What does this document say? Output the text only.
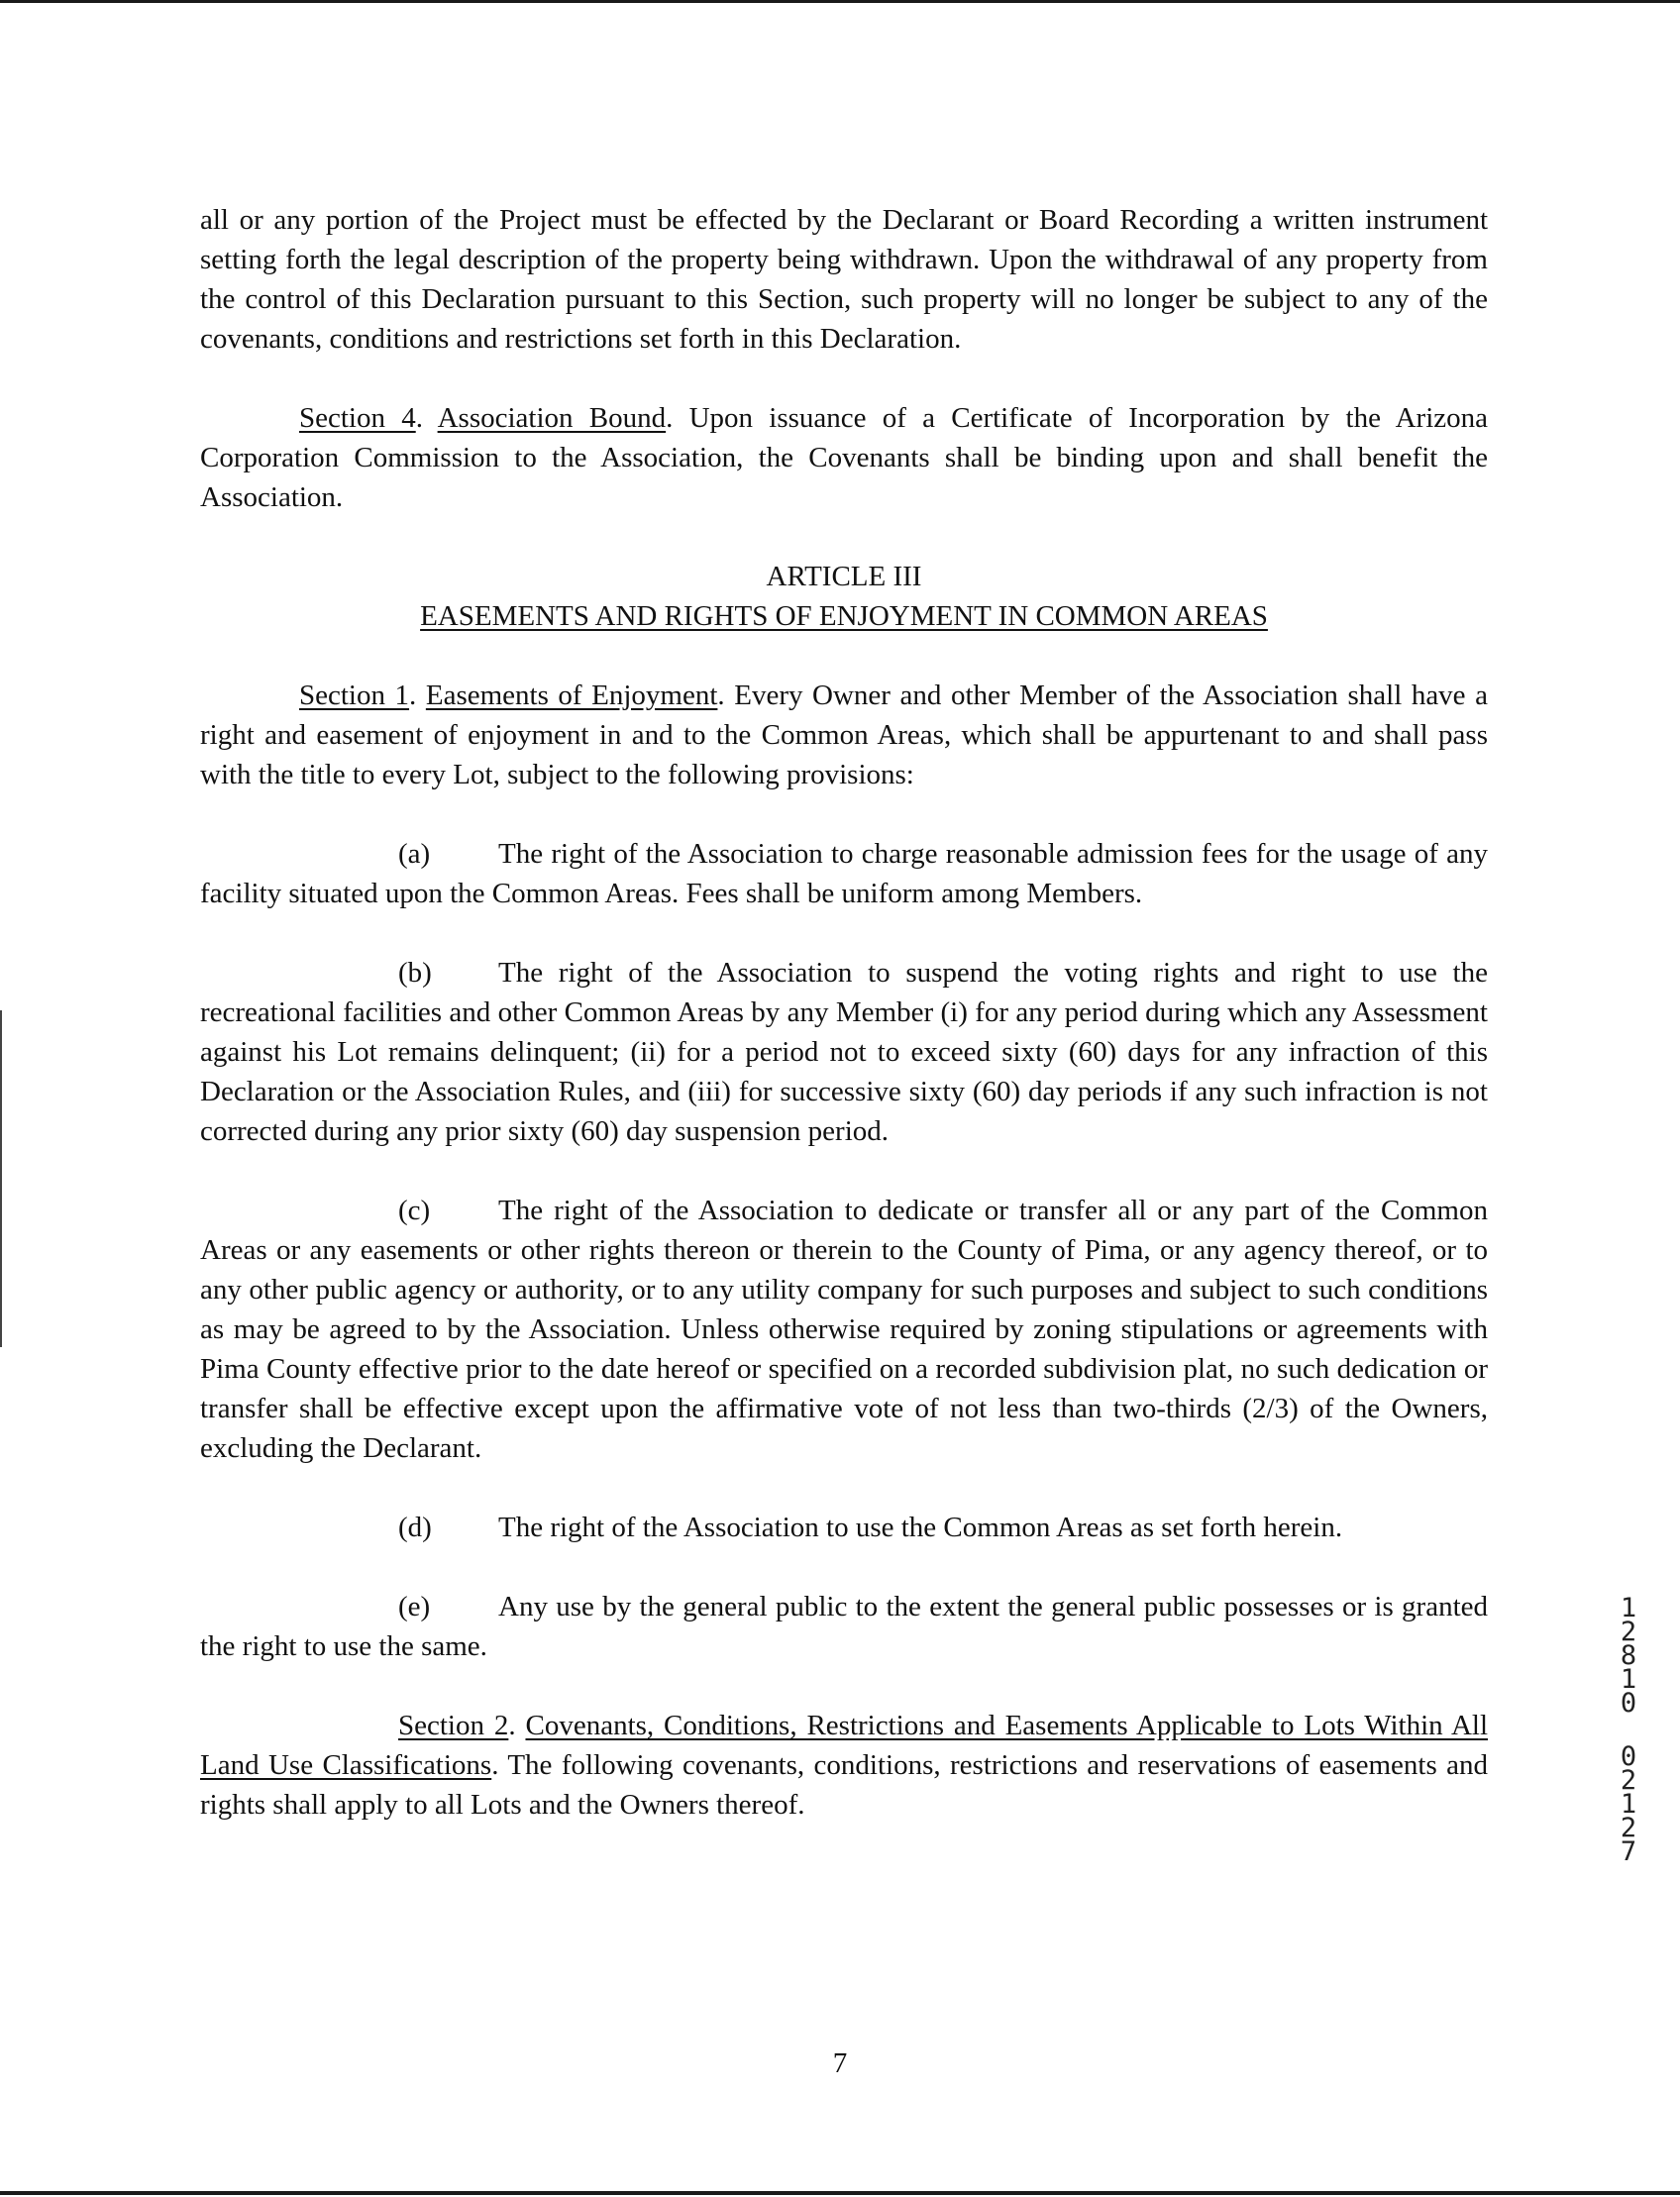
all or any portion of the Project must be effected by the Declarant or Board Recording a written instrument setting forth the legal description of the property being withdrawn. Upon the withdrawal of any property from the control of this Declaration pursuant to this Section, such property will no longer be subject to any of the covenants, conditions and restrictions set forth in this Declaration.

Section 4. Association Bound. Upon issuance of a Certificate of Incorporation by the Arizona Corporation Commission to the Association, the Covenants shall be binding upon and shall benefit the Association.

ARTICLE III

EASEMENTS AND RIGHTS OF ENJOYMENT IN COMMON AREAS

Section 1. Easements of Enjoyment. Every Owner and other Member of the Association shall have a right and easement of enjoyment in and to the Common Areas, which shall be appurtenant to and shall pass with the title to every Lot, subject to the following provisions:

(a) The right of the Association to charge reasonable admission fees for the usage of any facility situated upon the Common Areas. Fees shall be uniform among Members.

(b) The right of the Association to suspend the voting rights and right to use the recreational facilities and other Common Areas by any Member (i) for any period during which any Assessment against his Lot remains delinquent; (ii) for a period not to exceed sixty (60) days for any infraction of this Declaration or the Association Rules, and (iii) for successive sixty (60) day periods if any such infraction is not corrected during any prior sixty (60) day suspension period.

(c) The right of the Association to dedicate or transfer all or any part of the Common Areas or any easements or other rights thereon or therein to the County of Pima, or any agency thereof, or to any other public agency or authority, or to any utility company for such purposes and subject to such conditions as may be agreed to by the Association. Unless otherwise required by zoning stipulations or agreements with Pima County effective prior to the date hereof or specified on a recorded subdivision plat, no such dedication or transfer shall be effective except upon the affirmative vote of not less than two-thirds (2/3) of the Owners, excluding the Declarant.

(d) The right of the Association to use the Common Areas as set forth herein.

(e) Any use by the general public to the extent the general public possesses or is granted the right to use the same.

Section 2. Covenants, Conditions, Restrictions and Easements Applicable to Lots Within All Land Use Classifications. The following covenants, conditions, restrictions and reservations of easements and rights shall apply to all Lots and the Owners thereof.

7

1
2
8
1
0
0
2
1
2
7
